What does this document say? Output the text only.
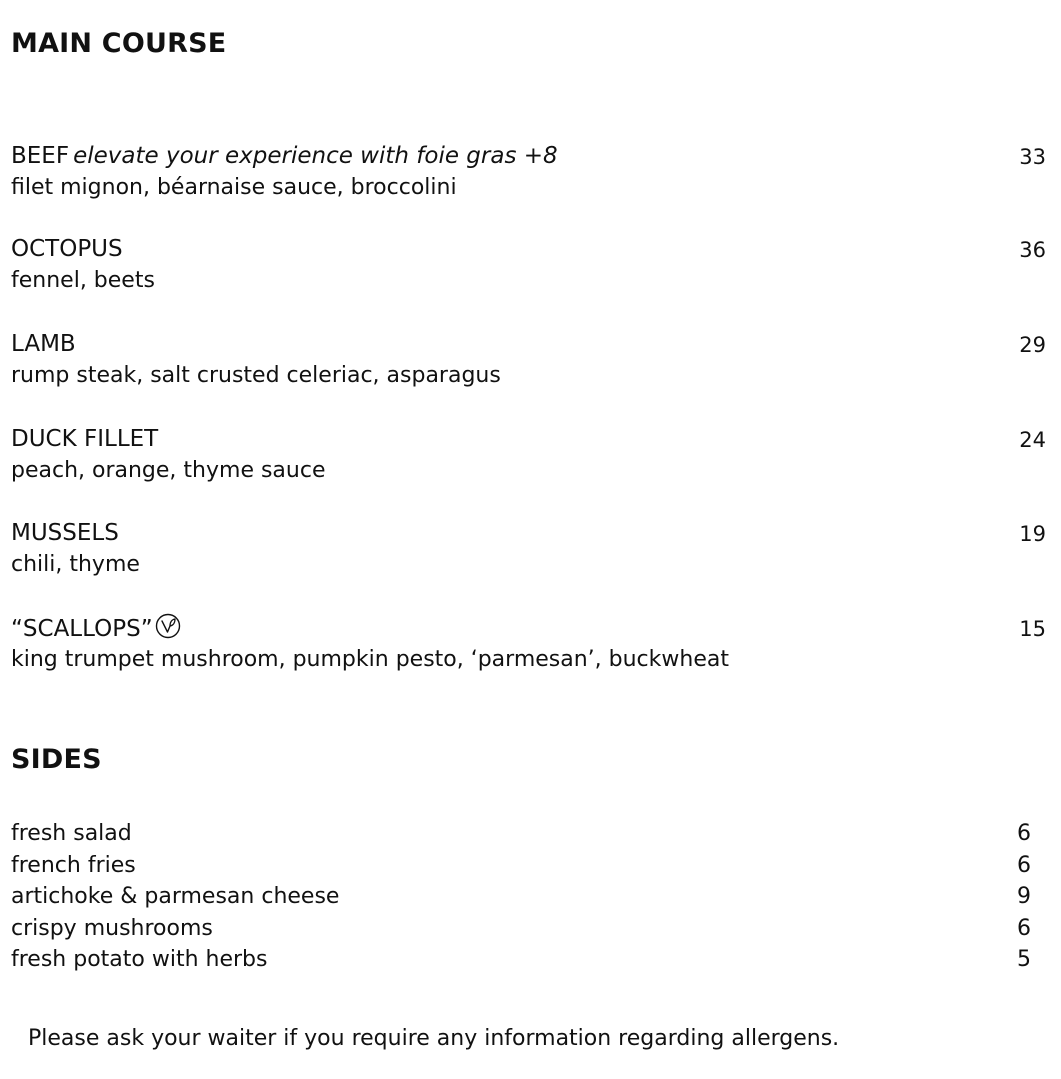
MAIN COURSE
BEEF elevate your experience with foie gras +8
filet mignon, béarnaise sauce, broccolini
33
OCTOPUS
fennel, beets
36
LAMB
rump steak, salt crusted celeriac, asparagus
29
DUCK FILLET
peach, orange, thyme sauce
24
MUSSELS
chili, thyme
19
“SCALLOPS”
king trumpet mushroom, pumpkin pesto, ‘parmesan’, buckwheat
15
SIDES
fresh salad	6
french fries	6
artichoke & parmesan cheese	9
crispy mushrooms	6
fresh potato with herbs	5

Please ask your waiter if you require any information regarding allergens.
